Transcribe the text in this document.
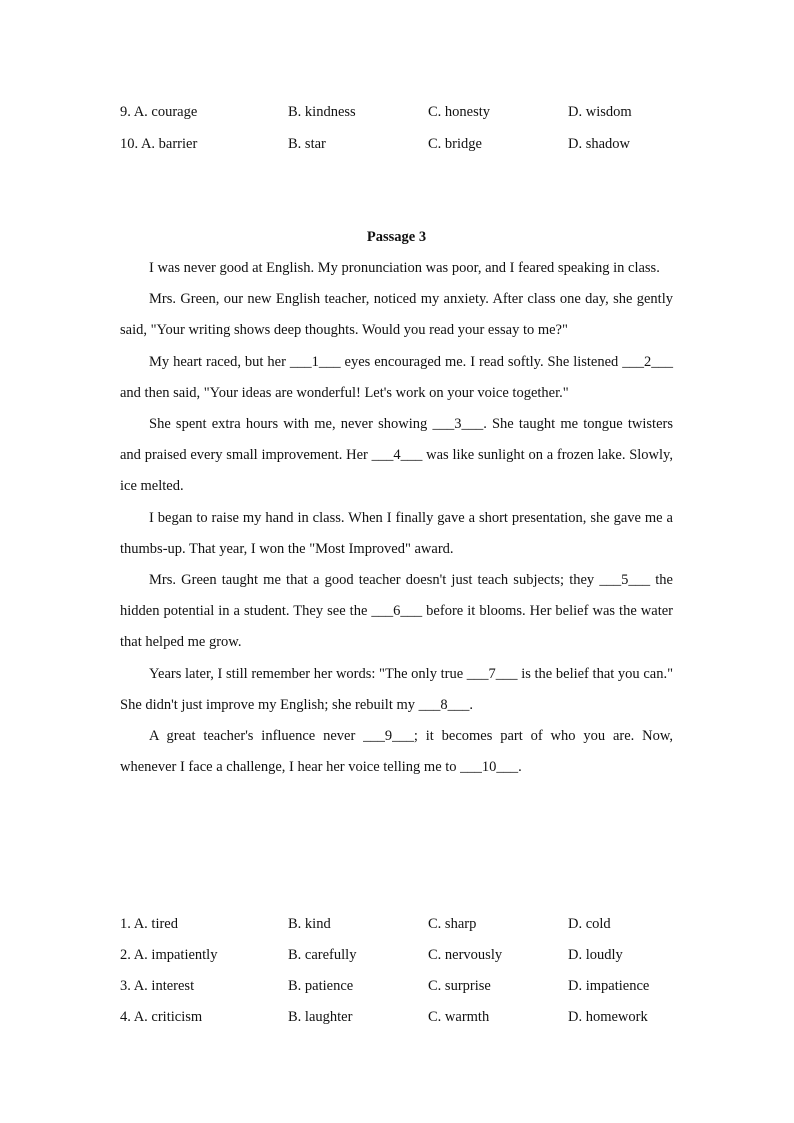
9. A. courage	B. kindness	C. honesty	D. wisdom
10. A. barrier	B. star	C. bridge	D. shadow
Passage 3

I was never good at English. My pronunciation was poor, and I feared speaking in class.

Mrs. Green, our new English teacher, noticed my anxiety. After class one day, she gently said, "Your writing shows deep thoughts. Would you read your essay to me?"

My heart raced, but her ___1___ eyes encouraged me. I read softly. She listened ___2___ and then said, "Your ideas are wonderful! Let's work on your voice together."

She spent extra hours with me, never showing ___3___. She taught me tongue twisters and praised every small improvement. Her ___4___ was like sunlight on a frozen lake. Slowly, ice melted.

I began to raise my hand in class. When I finally gave a short presentation, she gave me a thumbs-up. That year, I won the "Most Improved" award.

Mrs. Green taught me that a good teacher doesn't just teach subjects; they ___5___ the hidden potential in a student. They see the ___6___ before it blooms. Her belief was the water that helped me grow.

Years later, I still remember her words: "The only true ___7___ is the belief that you can." She didn't just improve my English; she rebuilt my ___8___.

A great teacher's influence never ___9___; it becomes part of who you are. Now, whenever I face a challenge, I hear her voice telling me to ___10___.

1. A. tired	B. kind	C. sharp	D. cold
2. A. impatiently	B. carefully	C. nervously	D. loudly
3. A. interest	B. patience	C. surprise	D. impatience
4. A. criticism	B. laughter	C. warmth	D. homework
